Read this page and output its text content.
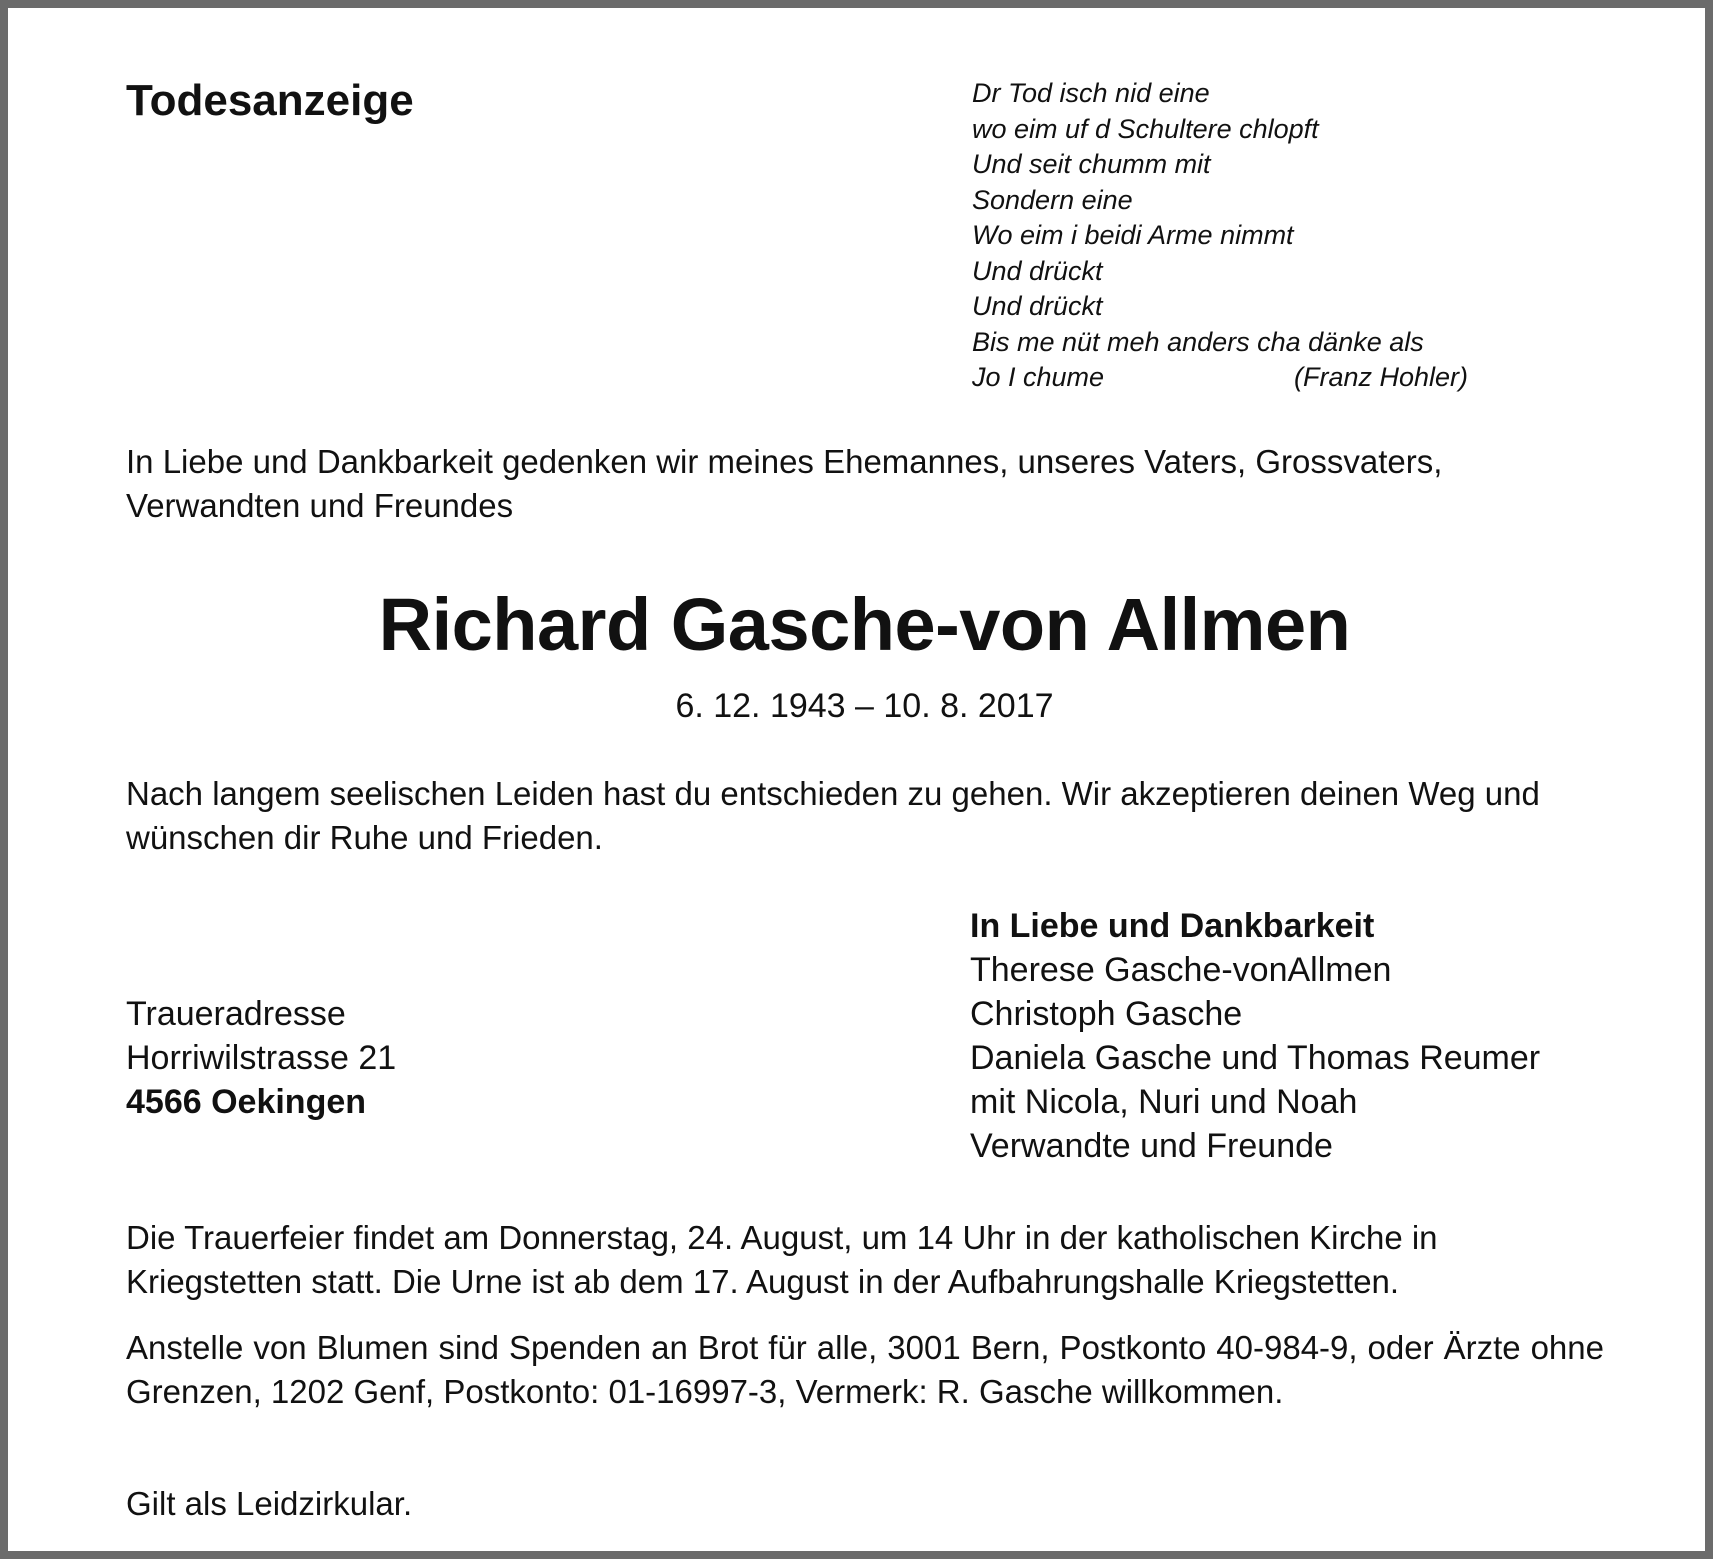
Todesanzeige	Dr Tod isch nid eine
wo eim uf d Schultere chlopft
Und seit chumm mit
Sondern eine
Wo eim i beidi Arme nimmt
Und drückt
Und drückt
Bis me nüt meh anders cha dänke als
Jo I chume	(Franz Hohler)
In Liebe und Dankbarkeit gedenken wir meines Ehemannes, unseres Vaters, Grossvaters, Verwandten und Freundes
Richard Gasche-von Allmen
6. 12. 1943 – 10. 8. 2017
Nach langem seelischen Leiden hast du entschieden zu gehen. Wir akzeptieren deinen Weg und wünschen dir Ruhe und Frieden.
In Liebe und Dankbarkeit
Therese Gasche-vonAllmen
Christoph Gasche
Daniela Gasche und Thomas Reumer
mit Nicola, Nuri und Noah
Verwandte und Freunde
Traueradresse
Horriwilstrasse 21
4566 Oekingen
Die Trauerfeier findet am Donnerstag, 24. August, um 14 Uhr in der katholischen Kirche in Kriegstetten statt. Die Urne ist ab dem 17. August in der Aufbahrungshalle Kriegstetten.
Anstelle von Blumen sind Spenden an Brot für alle, 3001 Bern, Postkonto 40-984-9, oder Ärzte ohne Grenzen, 1202 Genf, Postkonto: 01-16997-3, Vermerk: R. Gasche willkommen.
Gilt als Leidzirkular.
